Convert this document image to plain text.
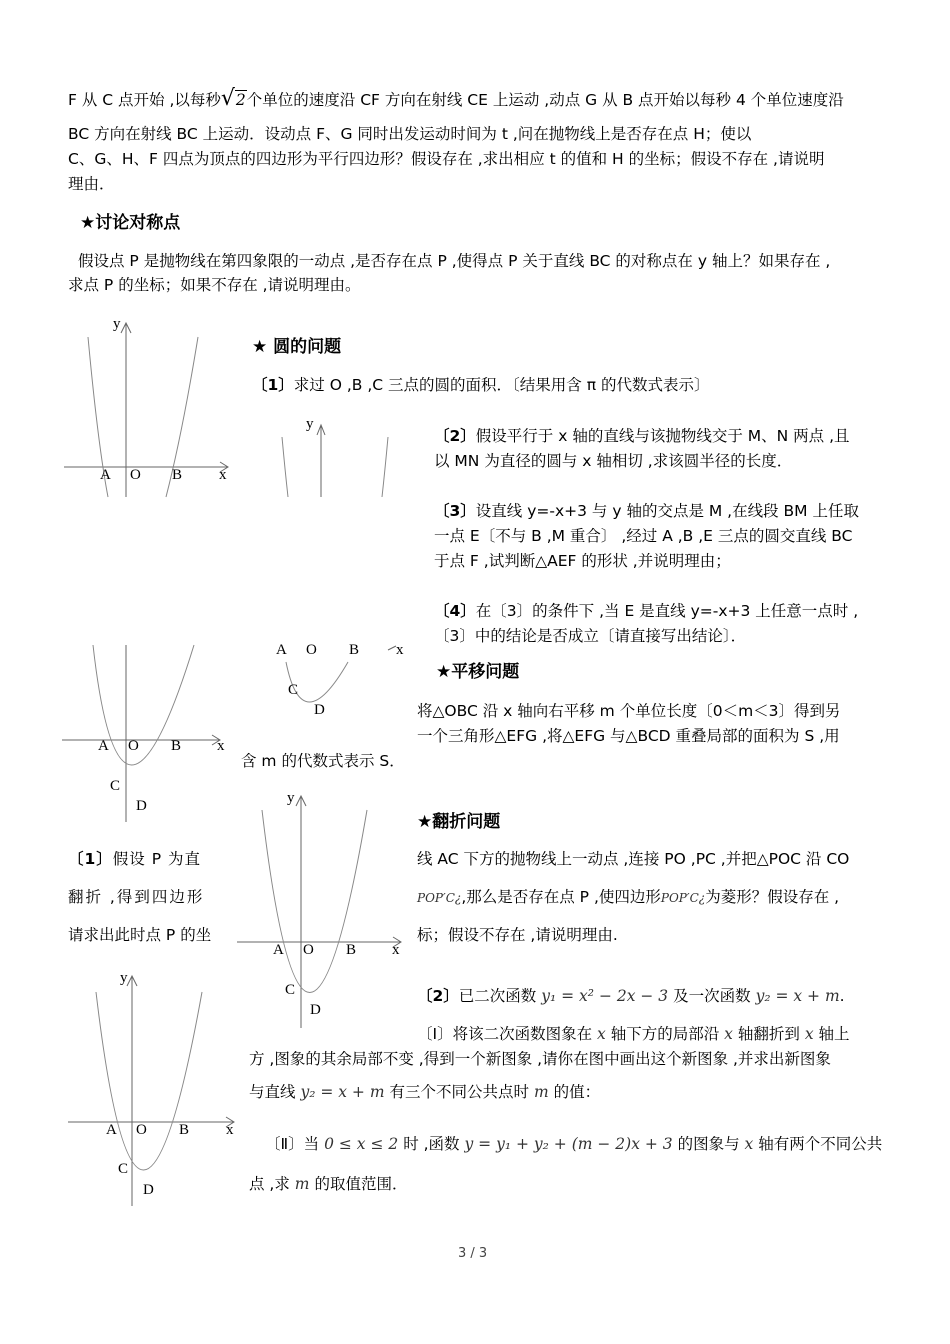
F 从 C 点开始 ,以每秒√2个单位的速度沿 CF 方向在射线 CE 上运动 ,动点 G 从 B 点开始以每秒 4 个单位速度沿
BC 方向在射线 BC 上运动．设动点 F、G 同时出发运动时间为 t ,问在抛物线上是否存在点 H；使以
C、G、H、F 四点为顶点的四边形为平行四边形？假设存在 ,求出相应 t 的值和 H 的坐标；假设不存在 ,请说明
理由．
★讨论对称点
假设点 P 是抛物线在第四象限的一动点 ,是否存在点 P ,使得点 P 关于直线 BC 的对称点在 y 轴上？如果存在 ,
求点 P 的坐标；如果不存在 ,请说明理由。
y
A O B x
★ 圆的问题
〔1〕求过 O ,B ,C 三点的圆的面积．〔结果用含 π 的代数式表示〕
y
〔2〕假设平行于 x 轴的直线与该抛物线交于 M、N 两点 ,且
以 MN 为直径的圆与 x 轴相切 ,求该圆半径的长度．
〔3〕设直线 y=-x+3 与 y 轴的交点是 M ,在线段 BM 上任取
一点 E〔不与 B ,M 重合〕 ,经过 A ,B ,E 三点的圆交直线 BC
于点 F ,试判断△AEF 的形状 ,并说明理由；
〔4〕在〔3〕的条件下 ,当 E 是直线 y=-x+3 上任意一点时 ,
〔3〕中的结论是否成立〔请直接写出结论〕．
A O B x
C
D
A O B x
C
D
★平移问题
将△OBC 沿 x 轴向右平移 m 个单位长度〔0＜m＜3〕得到另
一个三角形△EFG ,将△EFG 与△BCD 重叠局部的面积为 S ,用
含 m 的代数式表示 S．
y
A O B x
C
D
★翻折问题
〔1〕假设 P 为直
翻折 ,得到四边形
请求出此时点 P 的坐
线 AC 下方的抛物线上一动点 ,连接 PO ,PC ,并把△POC 沿 CO
POP′C¿,那么是否存在点 P ,使四边形POP′C¿为菱形？假设存在 ,
标；假设不存在 ,请说明理由.
y
A O B x
C
D
〔2〕已二次函数 y₁ = x² − 2x − 3 及一次函数 y₂ = x + m.
〔Ⅰ〕将该二次函数图象在 x 轴下方的局部沿 x 轴翻折到 x 轴上
方 ,图象的其余局部不变 ,得到一个新图象 ,请你在图中画出这个新图象 ,并求出新图象
与直线 y₂ = x + m 有三个不同公共点时 m 的值：
〔Ⅱ〕当 0 ≤ x ≤ 2 时 ,函数 y = y₁ + y₂ + (m − 2)x + 3 的图象与 x 轴有两个不同公共
点 ,求 m 的取值范围．
3 / 3
